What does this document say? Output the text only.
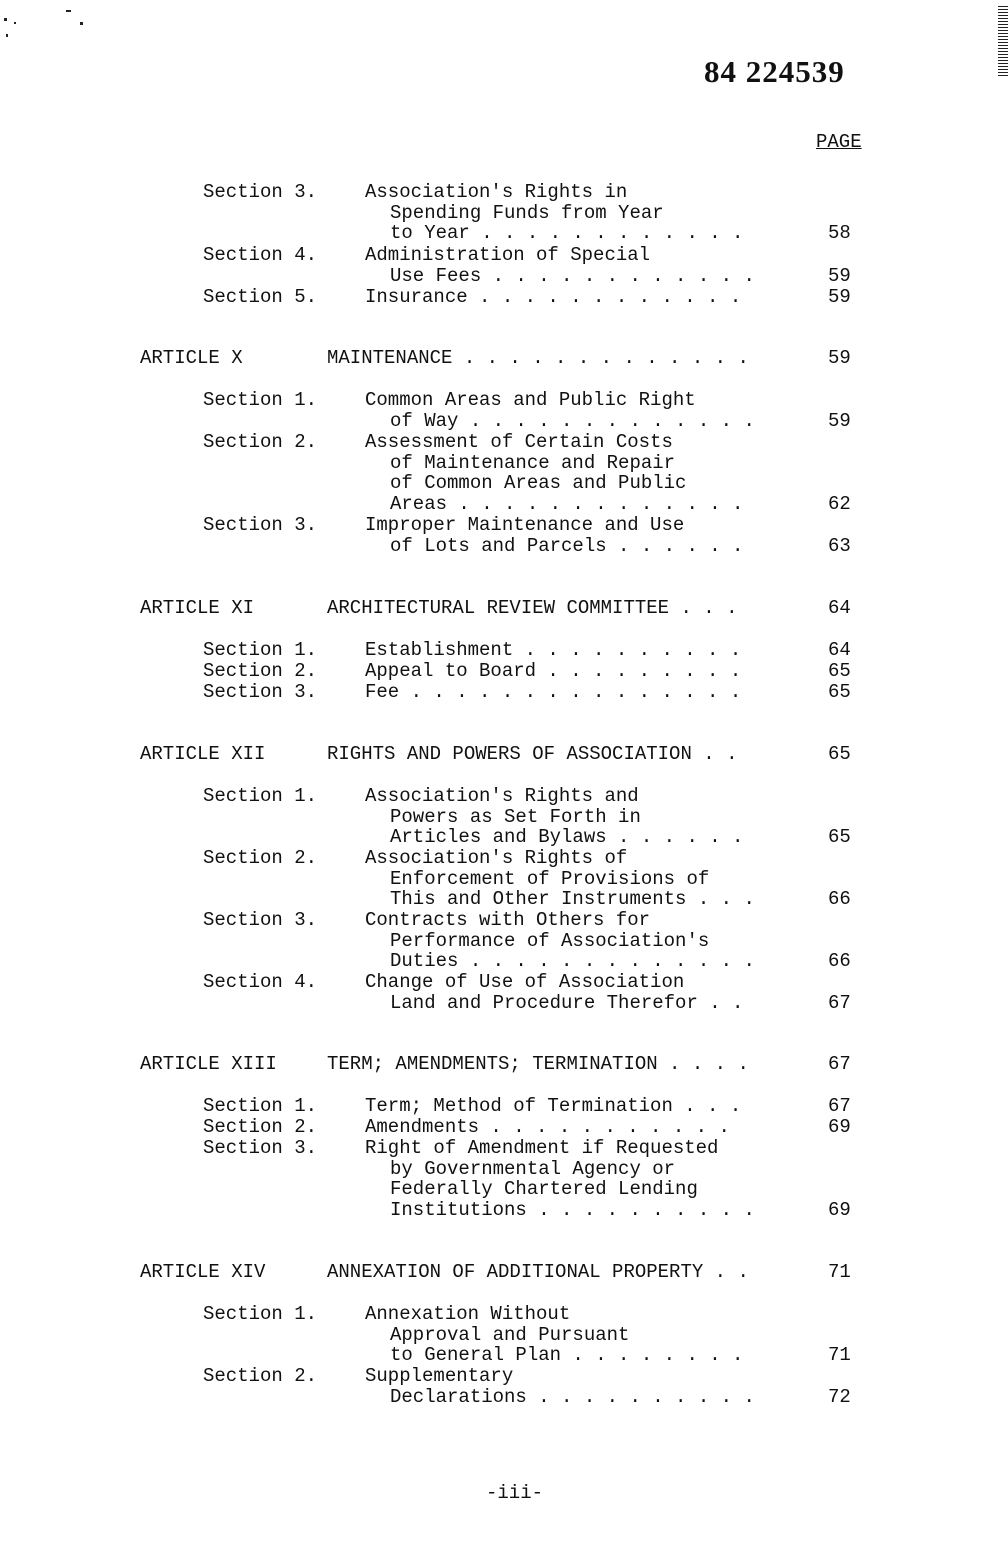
84 224539
PAGE
Section 3.	Association's Rights in
Spending Funds from Year
to Year . . . . . . . . . . . .	58
Section 4.	Administration of Special
Use Fees . . . . . . . . . . . .	59
Section 5.	Insurance . . . . . . . . . . . .	59
ARTICLE X	MAINTENANCE . . . . . . . . . . . . .	59
Section 1.	Common Areas and Public Right
of Way . . . . . . . . . . . . .	59
Section 2.	Assessment of Certain Costs
of Maintenance and Repair
of Common Areas and Public
Areas . . . . . . . . . . . . .	62
Section 3.	Improper Maintenance and Use
of Lots and Parcels . . . . . .	63
ARTICLE XI	ARCHITECTURAL REVIEW COMMITTEE . . .	64
Section 1.	Establishment . . . . . . . . . .	64
Section 2.	Appeal to Board . . . . . . . . .	65
Section 3.	Fee . . . . . . . . . . . . . . .	65
ARTICLE XII	RIGHTS AND POWERS OF ASSOCIATION . .	65
Section 1.	Association's Rights and
Powers as Set Forth in
Articles and Bylaws . . . . . .	65
Section 2.	Association's Rights of
Enforcement of Provisions of
This and Other Instruments . . .	66
Section 3.	Contracts with Others for
Performance of Association's
Duties . . . . . . . . . . . . .	66
Section 4.	Change of Use of Association
Land and Procedure Therefor . .	67
ARTICLE XIII	TERM; AMENDMENTS; TERMINATION . . . .	67
Section 1.	Term; Method of Termination . . .	67
Section 2.	Amendments . . . . . . . . . . .	69
Section 3.	Right of Amendment if Requested
by Governmental Agency or
Federally Chartered Lending
Institutions . . . . . . . . . .	69
ARTICLE XIV	ANNEXATION OF ADDITIONAL PROPERTY . .	71
Section 1.	Annexation Without
Approval and Pursuant
to General Plan . . . . . . . .	71
Section 2.	Supplementary
Declarations . . . . . . . . . .	72
-iii-
